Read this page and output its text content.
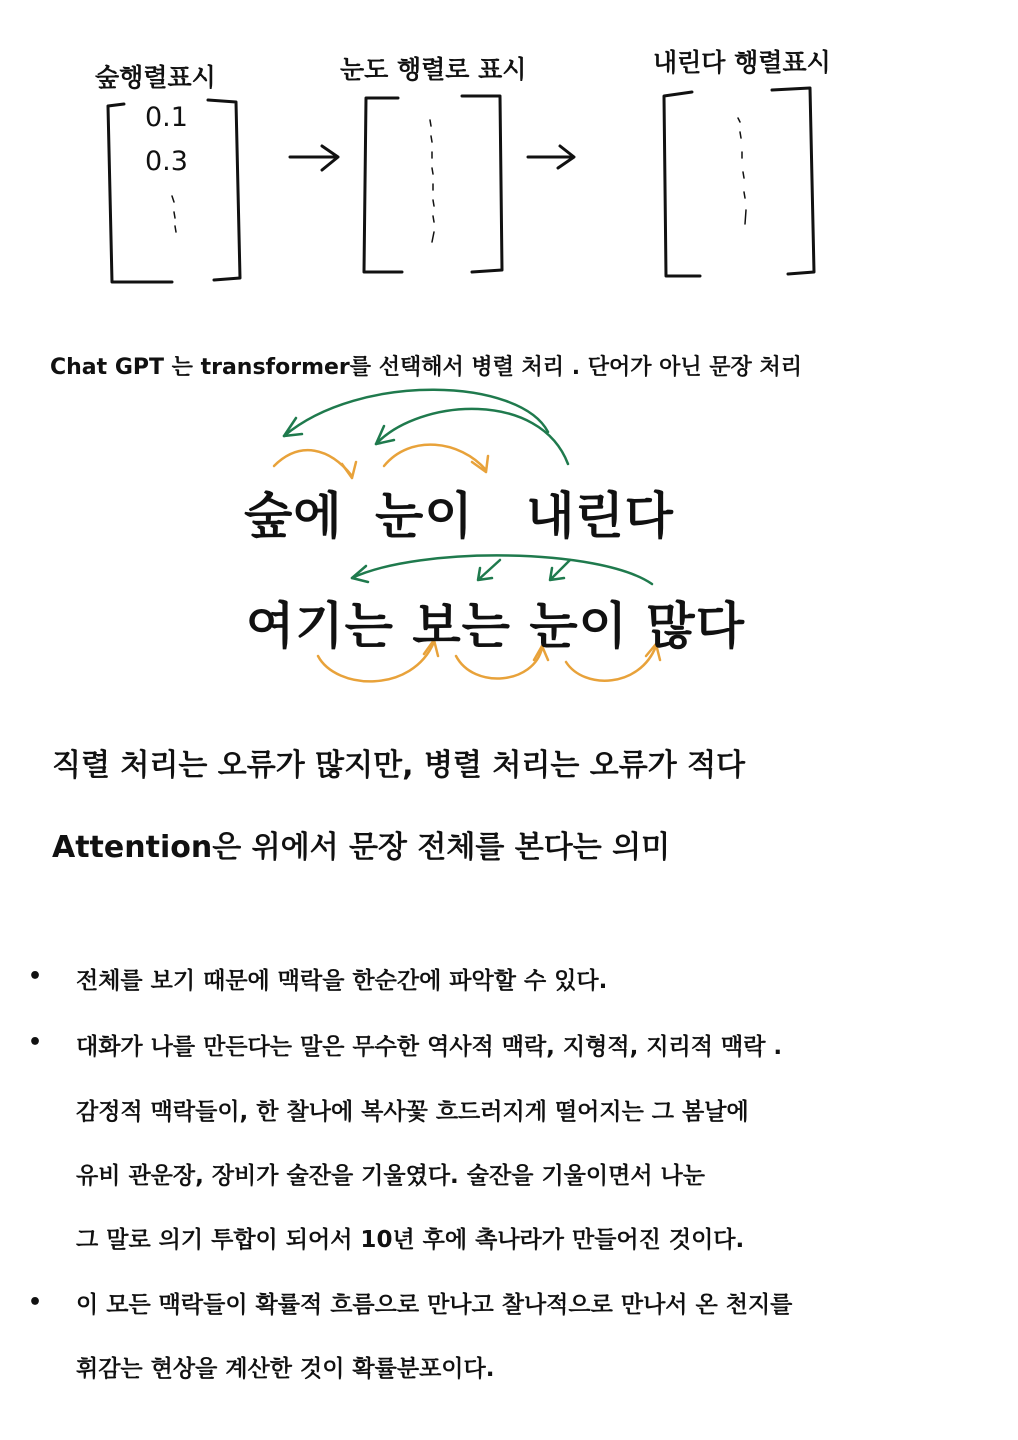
숲행렬표시	눈도 행렬로 표시	내린다 행렬표시
0.1
0.3
Chat GPT 는 transformer를 선택해서 병렬 처리 . 단어가 아닌 문장 처리
숲에 눈이 내린다
여기는 보는 눈이 많다
직렬 처리는 오류가 많지만, 병렬 처리는 오류가 적다
Attention은 위에서 문장 전체를 본다는 의미
• 전체를 보기 때문에 맥락을 한순간에 파악할 수 있다.
• 대화가 나를 만든다는 말은 무수한 역사적 맥락, 지형적, 지리적 맥락 .
감정적 맥락들이, 한 찰나에 복사꽃 흐드러지게 떨어지는 그 봄날에
유비 관운장, 장비가 술잔을 기울였다. 술잔을 기울이면서 나눈
그 말로 의기 투합이 되어서 10년 후에 촉나라가 만들어진 것이다.
• 이 모든 맥락들이 확률적 흐름으로 만나고 찰나적으로 만나서 온 천지를
휘감는 현상을 계산한 것이 확률분포이다.
